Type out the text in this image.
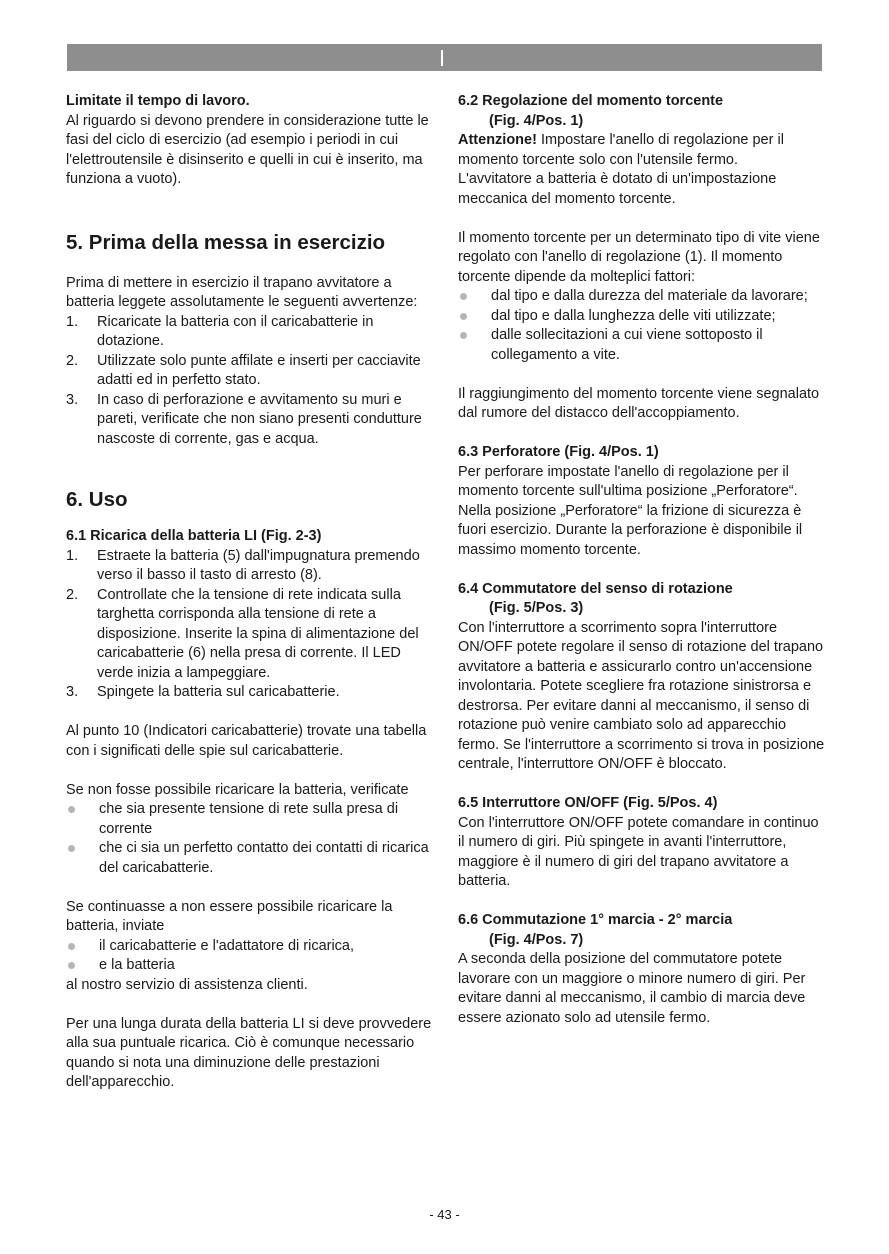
Limitate il tempo di lavoro.

Al riguardo si devono prendere in considerazione tutte le fasi del ciclo di esercizio (ad esempio i periodi in cui l'elettroutensile è disinserito e quelli in cui è inserito, ma funziona a vuoto).

5. Prima della messa in esercizio

Prima di mettere in esercizio il trapano avvitatore a batteria leggete assolutamente le seguenti avvertenze:

1. Ricaricate la batteria con il caricabatterie in dotazione.
2. Utilizzate solo punte affilate e inserti per cacciavite adatti ed in perfetto stato.
3. In caso di perforazione e avvitamento su muri e pareti, verificate che non siano presenti condutture nascoste di corrente, gas e acqua.
6. Uso

6.1 Ricarica della batteria LI (Fig. 2-3)

1. Estraete la batteria (5) dall'impugnatura premendo verso il basso il tasto di arresto (8).
2. Controllate che la tensione di rete indicata sulla targhetta corrisponda alla tensione di rete a disposizione. Inserite la spina di alimentazione del caricabatterie (6) nella presa di corrente. Il LED verde inizia a lampeggiare.
3. Spingete la batteria sul caricabatterie.

Al punto 10 (Indicatori caricabatterie) trovate una tabella con i significati delle spie sul caricabatterie.

Se non fosse possibile ricaricare la batteria, verificate

che sia presente tensione di rete sulla presa di corrente
che ci sia un perfetto contatto dei contatti di ricarica del caricabatterie.

Se continuasse a non essere possibile ricaricare la batteria, inviate

il caricabatterie e l'adattatore di ricarica,
e la batteria

al nostro servizio di assistenza clienti.

Per una lunga durata della batteria LI si deve provvedere alla sua puntuale ricarica. Ciò è comunque necessario quando si nota una diminuzione delle prestazioni dell'apparecchio.

6.2 Regolazione del momento torcente

(Fig. 4/Pos. 1)

Attenzione! Impostare l'anello di regolazione per il momento torcente solo con l'utensile fermo.

L'avvitatore a batteria è dotato di un'impostazione meccanica del momento torcente.

Il momento torcente per un determinato tipo di vite viene regolato con l'anello di regolazione (1). Il momento torcente dipende da molteplici fattori:

dal tipo e dalla durezza del materiale da lavorare;
dal tipo e dalla lunghezza delle viti utilizzate;
dalle sollecitazioni a cui viene sottoposto il collegamento a vite.

Il raggiungimento del momento torcente viene segnalato dal rumore del distacco dell'accoppiamento.

6.3 Perforatore (Fig. 4/Pos. 1)

Per perforare impostate l'anello di regolazione per il momento torcente sull'ultima posizione „Perforatore“. Nella posizione „Perforatore“ la frizione di sicurezza è fuori esercizio. Durante la perforazione è disponibile il massimo momento torcente.

6.4 Commutatore del senso di rotazione

(Fig. 5/Pos. 3)

Con l'interruttore a scorrimento sopra l'interruttore ON/OFF potete regolare il senso di rotazione del trapano avvitatore a batteria e assicurarlo contro un'accensione involontaria. Potete scegliere fra rotazione sinistrorsa e destrorsa. Per evitare danni al meccanismo, il senso di rotazione può venire cambiato solo ad apparecchio fermo. Se l'interruttore a scorrimento si trova in posizione centrale, l'interruttore ON/OFF è bloccato.

6.5 Interruttore ON/OFF (Fig. 5/Pos. 4)

Con l'interruttore ON/OFF potete comandare in continuo il numero di giri. Più spingete in avanti l'interruttore, maggiore è il numero di giri del trapano avvitatore a batteria.

6.6 Commutazione 1° marcia - 2° marcia

(Fig. 4/Pos. 7)

A seconda della posizione del commutatore potete lavorare con un maggiore o minore numero di giri. Per evitare danni al meccanismo, il cambio di marcia deve essere azionato solo ad utensile fermo.

- 43 -
